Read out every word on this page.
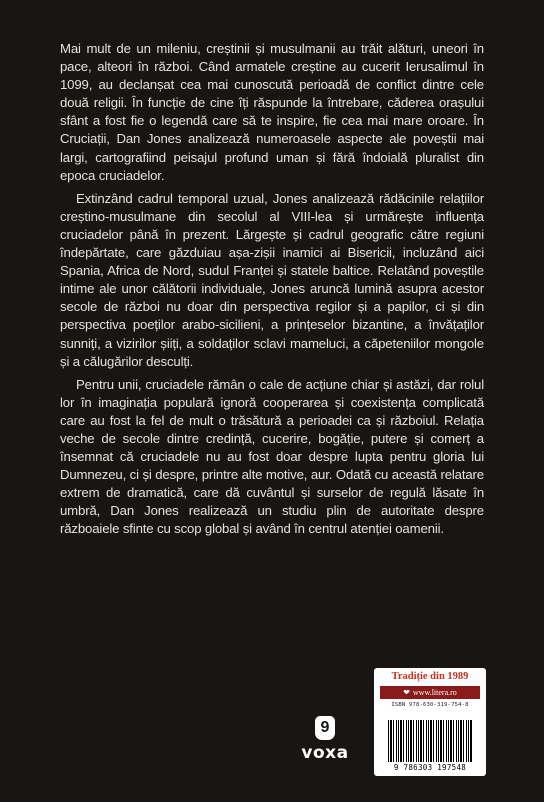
Mai mult de un mileniu, creștinii și musulmanii au trăit alături, uneori în pace, alteori în război. Când armatele creștine au cucerit Ierusalimul în 1099, au declanșat cea mai cunoscută perioadă de conflict dintre cele două religii. În funcție de cine îți răspunde la întrebare, căderea orașului sfânt a fost fie o legendă care să te inspire, fie cea mai mare oroare. În Cruciații, Dan Jones analizează numeroasele aspecte ale poveștii mai largi, cartografiind peisajul profund uman și fără îndoială pluralist din epoca cruciadelor.

Extinzând cadrul temporal uzual, Jones analizează rădăcinile relațiilor creștino-musulmane din secolul al VIII-lea și urmărește influența cruciadelor până în prezent. Lărgește și cadrul geografic către regiuni îndepărtate, care găzduiau așa-zișii inamici ai Bisericii, incluzând aici Spania, Africa de Nord, sudul Franței și statele baltice. Relatând poveștile intime ale unor călătorii individuale, Jones aruncă lumină asupra acestor secole de război nu doar din perspectiva regilor și a papilor, ci și din perspectiva poeților arabo-sicilieni, a prințeselor bizantine, a învățaților sunniți, a vizirilor șiiți, a soldaților sclavi mameluci, a căpeteniilor mongole și a călugărilor desculți.

Pentru unii, cruciadele rămân o cale de acțiune chiar și astăzi, dar rolul lor în imaginația populară ignoră cooperarea și coexistența complicată care au fost la fel de mult o trăsătură a perioadei ca și războiul. Relația veche de secole dintre credință, cucerire, bogăție, putere și comerț a însemnat că cruciadele nu au fost doar despre lupta pentru gloria lui Dumnezeu, ci și despre, printre alte motive, aur. Odată cu această relatare extrem de dramatică, care dă cuvântul și surselor de regulă lăsate în umbră, Dan Jones realizează un studiu plin de autoritate despre războaiele sfinte cu scop global și având în centrul atenției oamenii.

9
voxa
Tradiție din 1989
❤ www.litera.ro
ISBN 978-630-319-754-8
9 786303 197548
